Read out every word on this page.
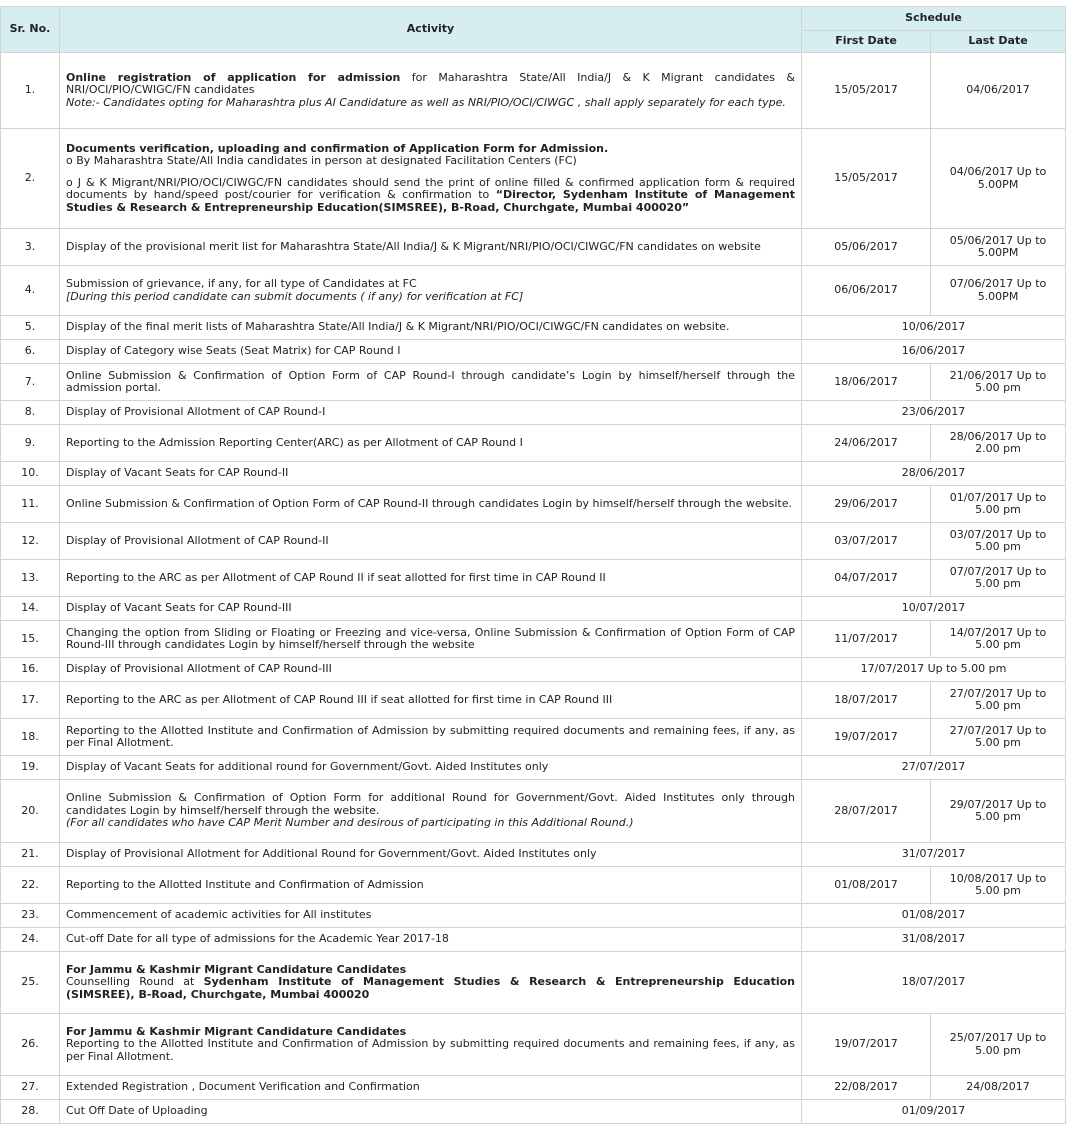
Sr. No.	Activity	Schedule	
		First Date	Last Date
1.	Online registration of application for admission for Maharashtra State/All India/J & K Migrant candidates & NRI/OCI/PIO/CWIGC/FN candidates
Note:- Candidates opting for Maharashtra plus AI Candidature as well as NRI/PIO/OCI/CIWGC , shall apply separately for each type.	15/05/2017	04/06/2017
2.	Documents verification, uploading and confirmation of Application Form for Admission.
o By Maharashtra State/All India candidates in person at designated Facilitation Centers (FC)
o J & K Migrant/NRI/PIO/OCI/CIWGC/FN candidates should send the print of online filled & confirmed application form & required documents by hand/speed post/courier for verification & confirmation to “Director, Sydenham Institute of Management Studies & Research & Entrepreneurship Education(SIMSREE), B-Road, Churchgate, Mumbai 400020”	15/05/2017	04/06/2017 Up to 5.00PM
3.	Display of the provisional merit list for Maharashtra State/All India/J & K Migrant/NRI/PIO/OCI/CIWGC/FN candidates on website	05/06/2017	05/06/2017 Up to 5.00PM
4.	Submission of grievance, if any, for all type of Candidates at FC
[During this period candidate can submit documents ( if any) for verification at FC]	06/06/2017	07/06/2017 Up to 5.00PM
5.	Display of the final merit lists of Maharashtra State/All India/J & K Migrant/NRI/PIO/OCI/CIWGC/FN candidates on website.	10/06/2017	
6.	Display of Category wise Seats (Seat Matrix) for CAP Round I	16/06/2017	
7.	Online Submission & Confirmation of Option Form of CAP Round-I through candidate’s Login by himself/herself through the admission portal.	18/06/2017	21/06/2017 Up to 5.00 pm
8.	Display of Provisional Allotment of CAP Round-I	23/06/2017	
9.	Reporting to the Admission Reporting Center(ARC) as per Allotment of CAP Round I	24/06/2017	28/06/2017 Up to 2.00 pm
10.	Display of Vacant Seats for CAP Round-II	28/06/2017	
11.	Online Submission & Confirmation of Option Form of CAP Round-II through candidates Login by himself/herself through the website.	29/06/2017	01/07/2017 Up to 5.00 pm
12.	Display of Provisional Allotment of CAP Round-II	03/07/2017	03/07/2017 Up to 5.00 pm
13.	Reporting to the ARC as per Allotment of CAP Round II if seat allotted for first time in CAP Round II	04/07/2017	07/07/2017 Up to 5.00 pm
14.	Display of Vacant Seats for CAP Round-III	10/07/2017	
15.	Changing the option from Sliding or Floating or Freezing and vice-versa, Online Submission & Confirmation of Option Form of CAP Round-III through candidates Login by himself/herself through the website	11/07/2017	14/07/2017 Up to 5.00 pm
16.	Display of Provisional Allotment of CAP Round-III	17/07/2017 Up to 5.00 pm	
17.	Reporting to the ARC as per Allotment of CAP Round III if seat allotted for first time in CAP Round III	18/07/2017	27/07/2017 Up to 5.00 pm
18.	Reporting to the Allotted Institute and Confirmation of Admission by submitting required documents and remaining fees, if any, as per Final Allotment.	19/07/2017	27/07/2017 Up to 5.00 pm
19.	Display of Vacant Seats for additional round for Government/Govt. Aided Institutes only	27/07/2017	
20.	Online Submission & Confirmation of Option Form for additional Round for Government/Govt. Aided Institutes only through candidates Login by himself/herself through the website.
(For all candidates who have CAP Merit Number and desirous of participating in this Additional Round.)	28/07/2017	29/07/2017 Up to 5.00 pm
21.	Display of Provisional Allotment for Additional Round for Government/Govt. Aided Institutes only	31/07/2017	
22.	Reporting to the Allotted Institute and Confirmation of Admission	01/08/2017	10/08/2017 Up to 5.00 pm
23.	Commencement of academic activities for All institutes	01/08/2017	
24.	Cut-off Date for all type of admissions for the Academic Year 2017-18	31/08/2017	
25.	For Jammu & Kashmir Migrant Candidature Candidates
Counselling Round at Sydenham Institute of Management Studies & Research & Entrepreneurship Education (SIMSREE), B-Road, Churchgate, Mumbai 400020	18/07/2017	
26.	For Jammu & Kashmir Migrant Candidature Candidates
Reporting to the Allotted Institute and Confirmation of Admission by submitting required documents and remaining fees, if any, as per Final Allotment.	19/07/2017	25/07/2017 Up to 5.00 pm
27.	Extended Registration , Document Verification and Confirmation	22/08/2017	24/08/2017
28.	Cut Off Date of Uploading	01/09/2017	
